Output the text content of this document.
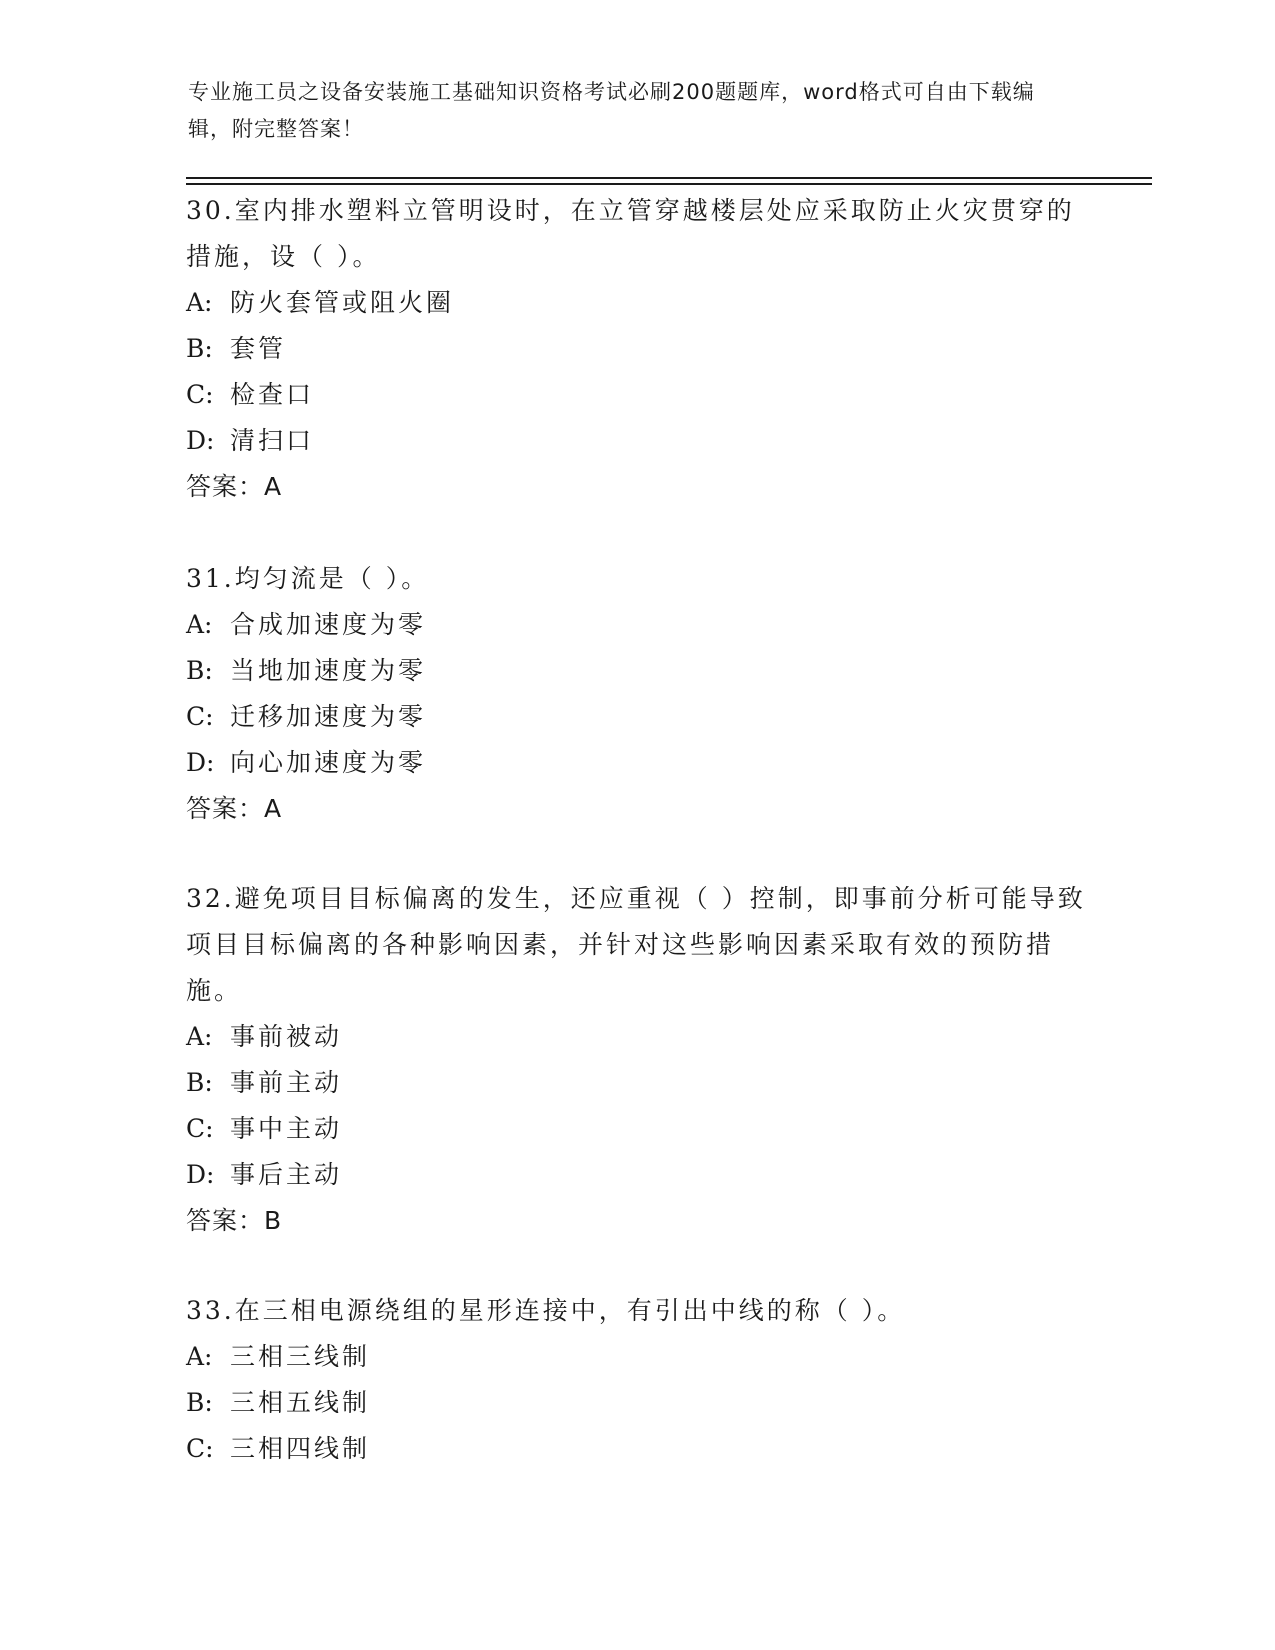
专业施工员之设备安装施工基础知识资格考试必刷200题题库，word格式可自由下载编辑，附完整答案！
30.室内排水塑料立管明设时，在立管穿越楼层处应采取防止火灾贯穿的措施，设（ ）。
A: 防火套管或阻火圈
B: 套管
C: 检查口
D: 清扫口
答案：A
31.均匀流是（ ）。
A: 合成加速度为零
B: 当地加速度为零
C: 迁移加速度为零
D: 向心加速度为零
答案：A
32.避免项目目标偏离的发生，还应重视（ ）控制，即事前分析可能导致项目目标偏离的各种影响因素，并针对这些影响因素采取有效的预防措施。
A: 事前被动
B: 事前主动
C: 事中主动
D: 事后主动
答案：B
33.在三相电源绕组的星形连接中，有引出中线的称（ ）。
A: 三相三线制
B: 三相五线制
C: 三相四线制
